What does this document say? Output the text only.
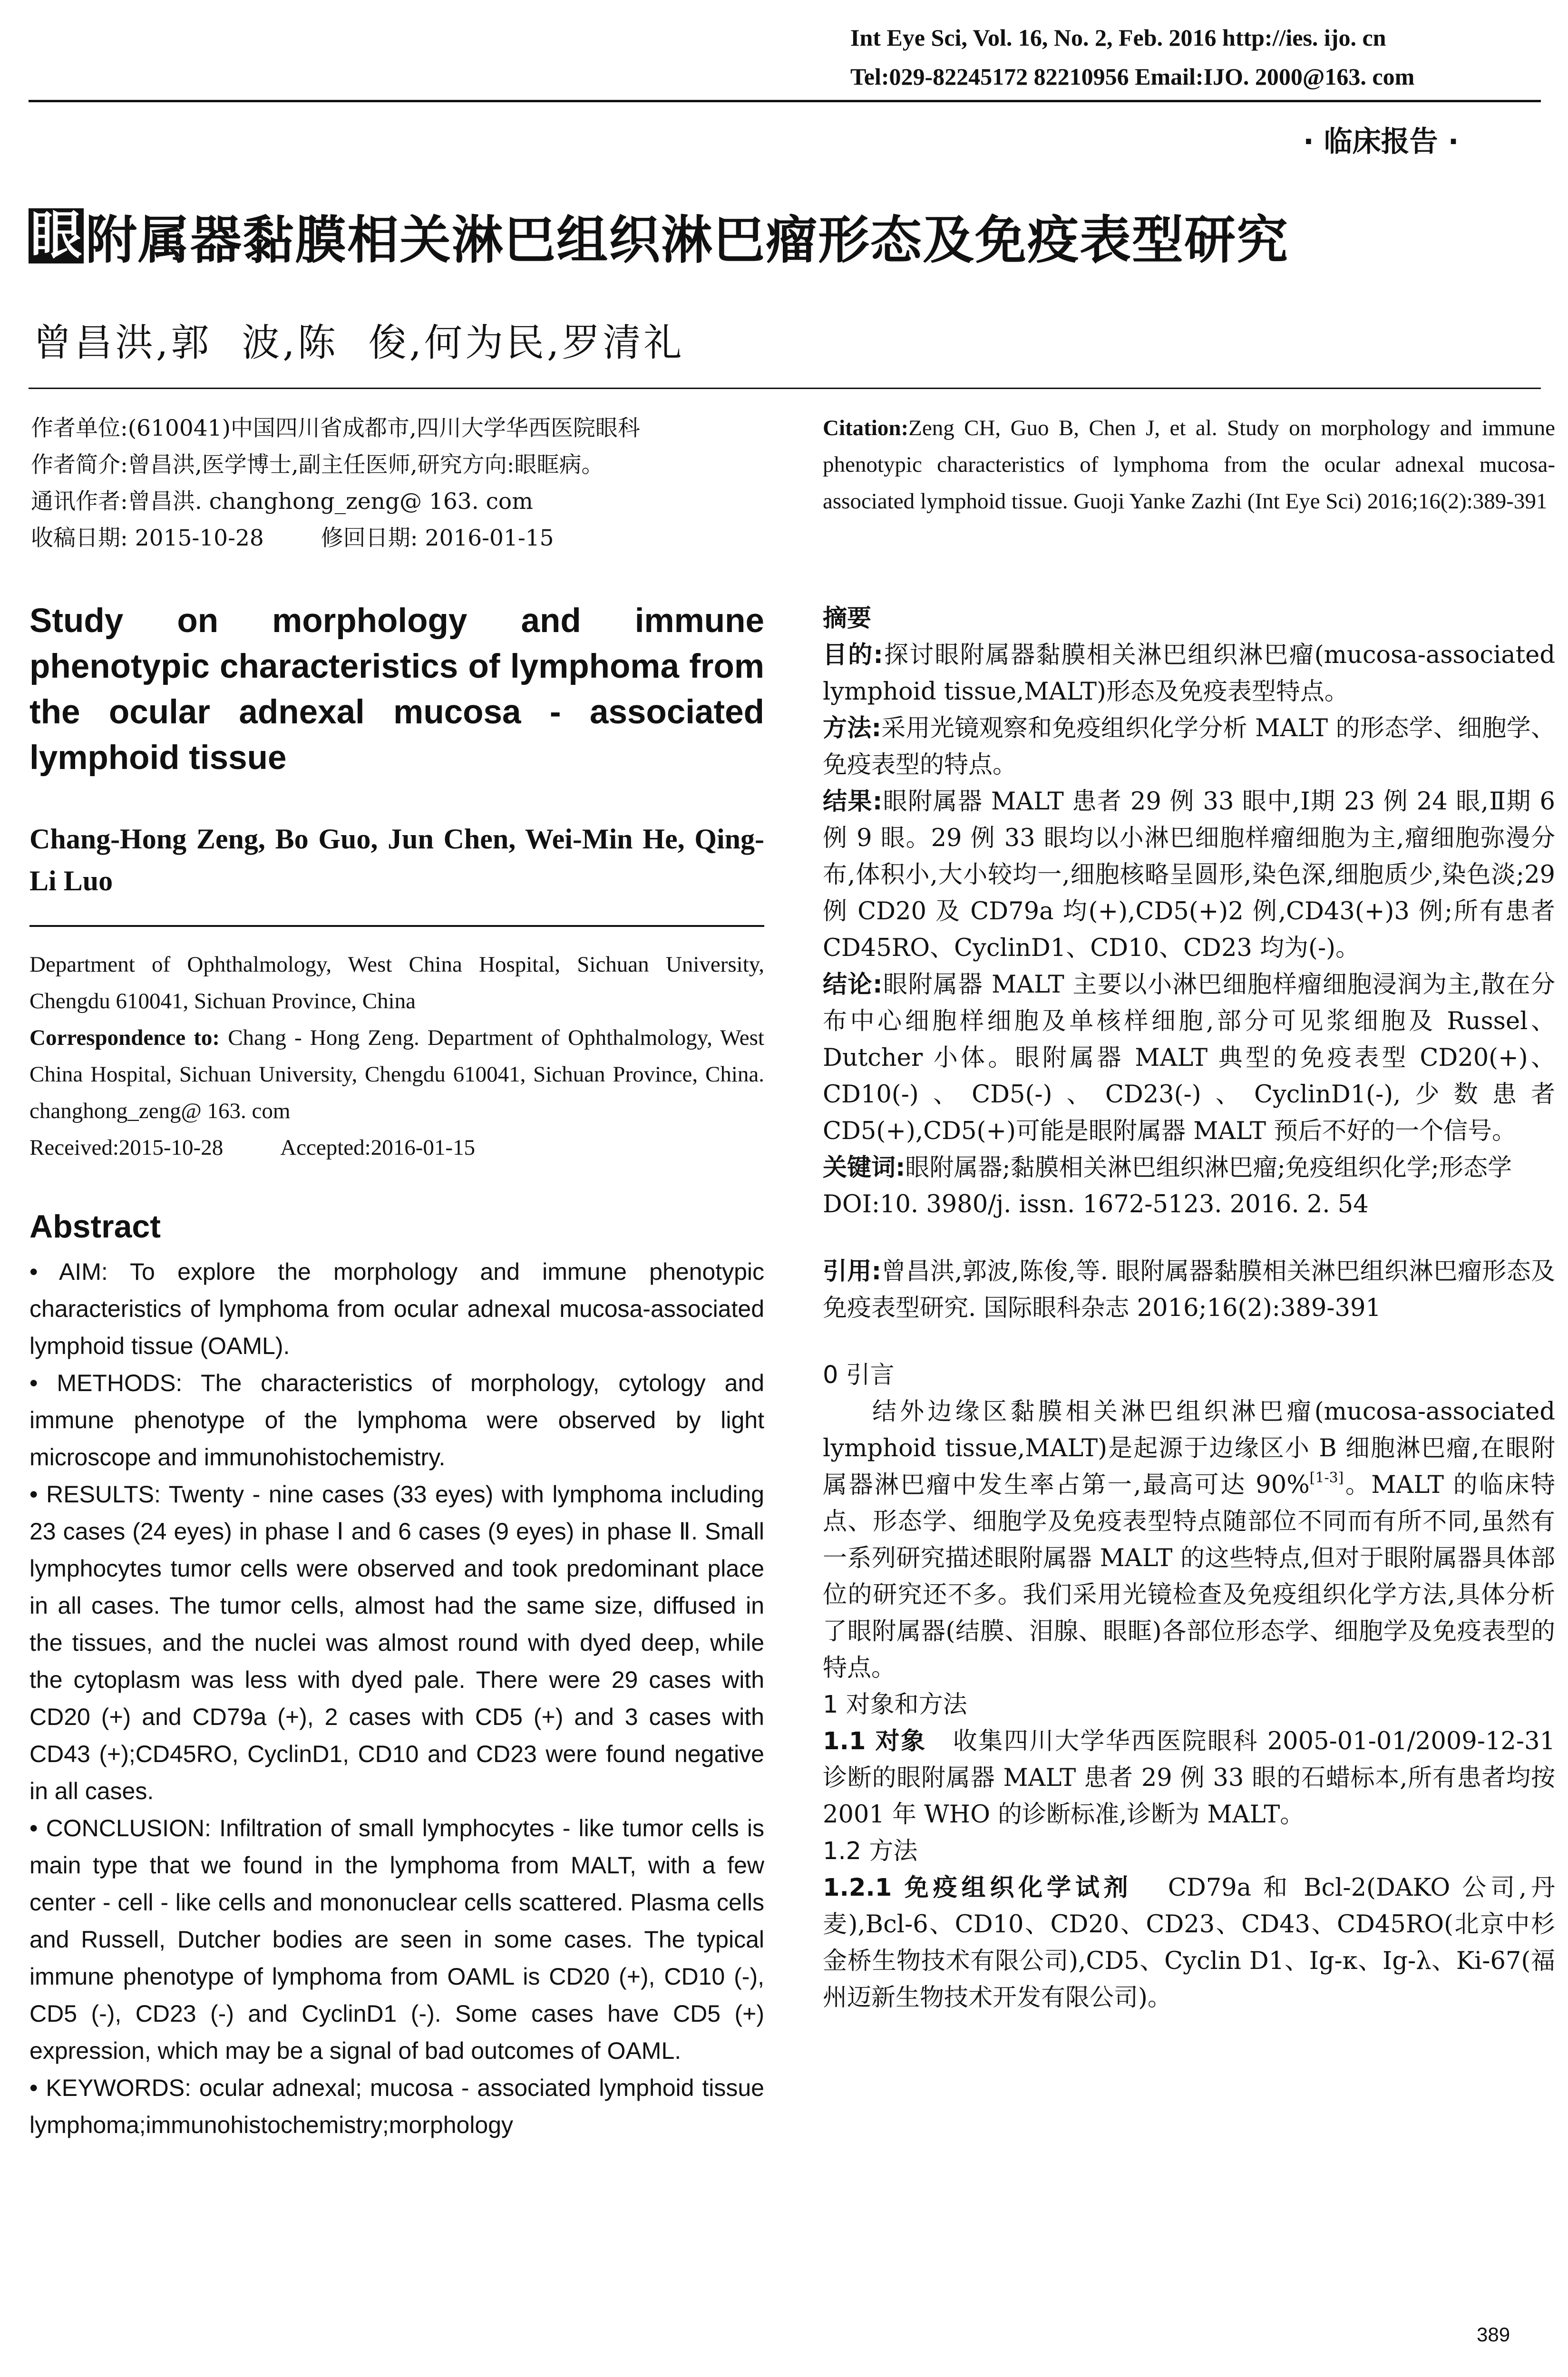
Int Eye Sci, Vol. 16, No. 2, Feb. 2016 http://ies. ijo. cn
Tel:029-82245172 82210956 Email:IJO. 2000@163. com
· 临床报告 ·
眼 附属器黏膜相关淋巴组织淋巴瘤形态及免疫表型研究
曾昌洪,郭  波,陈  俊,何为民,罗清礼
作者单位:(610041)中国四川省成都市,四川大学华西医院眼科
作者简介:曾昌洪,医学博士,副主任医师,研究方向:眼眶病。
通讯作者:曾昌洪. changhong_zeng@ 163. com
收稿日期: 2015-10-28	修回日期: 2016-01-15
Citation:Zeng CH, Guo B, Chen J, et al. Study on morphology and immune phenotypic characteristics of lymphoma from the ocular adnexal mucosa-associated lymphoid tissue. Guoji Yanke Zazhi (Int Eye Sci) 2016;16(2):389-391
Study on morphology and immune phenotypic characteristics of lymphoma from the ocular adnexal mucosa - associated lymphoid tissue
Chang-Hong Zeng, Bo Guo, Jun Chen, Wei-Min He, Qing-Li Luo
Department of Ophthalmology, West China Hospital, Sichuan University, Chengdu 610041, Sichuan Province, China
Correspondence to: Chang - Hong Zeng. Department of Ophthalmology, West China Hospital, Sichuan University, Chengdu 610041, Sichuan Province, China. changhong_zeng@ 163. com
Received:2015-10-28	Accepted:2016-01-15
Abstract

• AIM: To explore the morphology and immune phenotypic characteristics of lymphoma from ocular adnexal mucosa-associated lymphoid tissue (OAML).

• METHODS: The characteristics of morphology, cytology and immune phenotype of the lymphoma were observed by light microscope and immunohistochemistry.

• RESULTS: Twenty - nine cases (33 eyes) with lymphoma including 23 cases (24 eyes) in phase Ⅰ and 6 cases (9 eyes) in phase Ⅱ. Small lymphocytes tumor cells were observed and took predominant place in all cases. The tumor cells, almost had the same size, diffused in the tissues, and the nuclei was almost round with dyed deep, while the cytoplasm was less with dyed pale. There were 29 cases with CD20 (+) and CD79a (+), 2 cases with CD5 (+) and 3 cases with CD43 (+);CD45RO, CyclinD1, CD10 and CD23 were found negative in all cases.

• CONCLUSION: Infiltration of small lymphocytes - like tumor cells is main type that we found in the lymphoma from MALT, with a few center - cell - like cells and mononuclear cells scattered. Plasma cells and Russell, Dutcher bodies are seen in some cases. The typical immune phenotype of lymphoma from OAML is CD20 (+), CD10 (-), CD5 (-), CD23 (-) and CyclinD1 (-). Some cases have CD5 (+) expression, which may be a signal of bad outcomes of OAML.

• KEYWORDS: ocular adnexal; mucosa - associated lymphoid tissue lymphoma;immunohistochemistry;morphology

摘要

目的:探讨眼附属器黏膜相关淋巴组织淋巴瘤(mucosa-associated lymphoid tissue,MALT)形态及免疫表型特点。

方法:采用光镜观察和免疫组织化学分析 MALT 的形态学、细胞学、免疫表型的特点。

结果:眼附属器 MALT 患者 29 例 33 眼中,Ⅰ期 23 例 24 眼,Ⅱ期 6 例 9 眼。29 例 33 眼均以小淋巴细胞样瘤细胞为主,瘤细胞弥漫分布,体积小,大小较均一,细胞核略呈圆形,染色深,细胞质少,染色淡;29 例 CD20 及 CD79a 均(+),CD5(+)2 例,CD43(+)3 例;所有患者 CD45RO、CyclinD1、CD10、CD23 均为(-)。

结论:眼附属器 MALT 主要以小淋巴细胞样瘤细胞浸润为主,散在分布中心细胞样细胞及单核样细胞,部分可见浆细胞及 Russel、Dutcher 小体。眼附属器 MALT 典型的免疫表型 CD20(+)、CD10(-)、CD5(-)、CD23(-)、CyclinD1(-),少数患者 CD5(+),CD5(+)可能是眼附属器 MALT 预后不好的一个信号。

关键词:眼附属器;黏膜相关淋巴组织淋巴瘤;免疫组织化学;形态学

DOI:10. 3980/j. issn. 1672-5123. 2016. 2. 54

引用:曾昌洪,郭波,陈俊,等. 眼附属器黏膜相关淋巴组织淋巴瘤形态及免疫表型研究. 国际眼科杂志 2016;16(2):389-391

0 引言

结外边缘区黏膜相关淋巴组织淋巴瘤(mucosa-associated lymphoid tissue,MALT)是起源于边缘区小 B 细胞淋巴瘤,在眼附属器淋巴瘤中发生率占第一,最高可达 90%[1-3]。MALT 的临床特点、形态学、细胞学及免疫表型特点随部位不同而有所不同,虽然有一系列研究描述眼附属器 MALT 的这些特点,但对于眼附属器具体部位的研究还不多。我们采用光镜检查及免疫组织化学方法,具体分析了眼附属器(结膜、泪腺、眼眶)各部位形态学、细胞学及免疫表型的特点。

1 对象和方法

1.1 对象 收集四川大学华西医院眼科 2005-01-01/2009-12-31 诊断的眼附属器 MALT 患者 29 例 33 眼的石蜡标本,所有患者均按 2001 年 WHO 的诊断标准,诊断为 MALT。

1.2 方法

1.2.1 免疫组织化学试剂 CD79a 和 Bcl-2(DAKO 公司,丹麦),Bcl-6、CD10、CD20、CD23、CD43、CD45RO(北京中杉金桥生物技术有限公司),CD5、Cyclin D1、Ig-κ、Ig-λ、Ki-67(福州迈新生物技术开发有限公司)。

389
